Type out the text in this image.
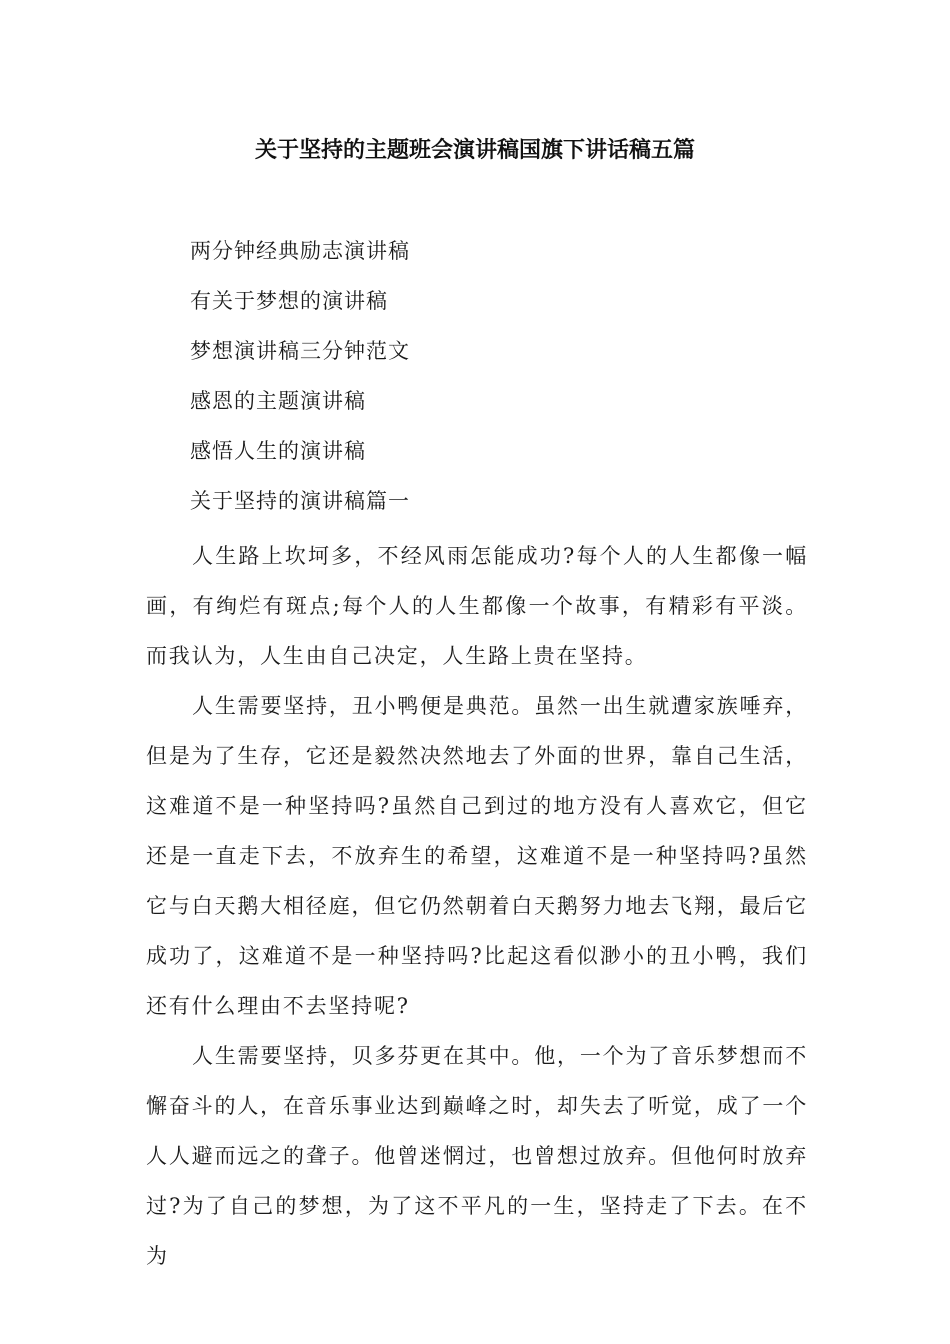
关于坚持的主题班会演讲稿国旗下讲话稿五篇
两分钟经典励志演讲稿
有关于梦想的演讲稿
梦想演讲稿三分钟范文
感恩的主题演讲稿
感悟人生的演讲稿
关于坚持的演讲稿篇一

人生路上坎坷多，不经风雨怎能成功?每个人的人生都像一幅画，有绚烂有斑点;每个人的人生都像一个故事，有精彩有平淡。而我认为，人生由自己决定，人生路上贵在坚持。

人生需要坚持，丑小鸭便是典范。虽然一出生就遭家族唾弃，但是为了生存，它还是毅然决然地去了外面的世界，靠自己生活，这难道不是一种坚持吗?虽然自己到过的地方没有人喜欢它，但它还是一直走下去，不放弃生的希望，这难道不是一种坚持吗?虽然它与白天鹅大相径庭，但它仍然朝着白天鹅努力地去飞翔，最后它成功了，这难道不是一种坚持吗?比起这看似渺小的丑小鸭，我们还有什么理由不去坚持呢?

人生需要坚持，贝多芬更在其中。他，一个为了音乐梦想而不懈奋斗的人，在音乐事业达到巅峰之时，却失去了听觉，成了一个人人避而远之的聋子。他曾迷惘过，也曾想过放弃。但他何时放弃过?为了自己的梦想，为了这不平凡的一生，坚持走了下去。在不为
